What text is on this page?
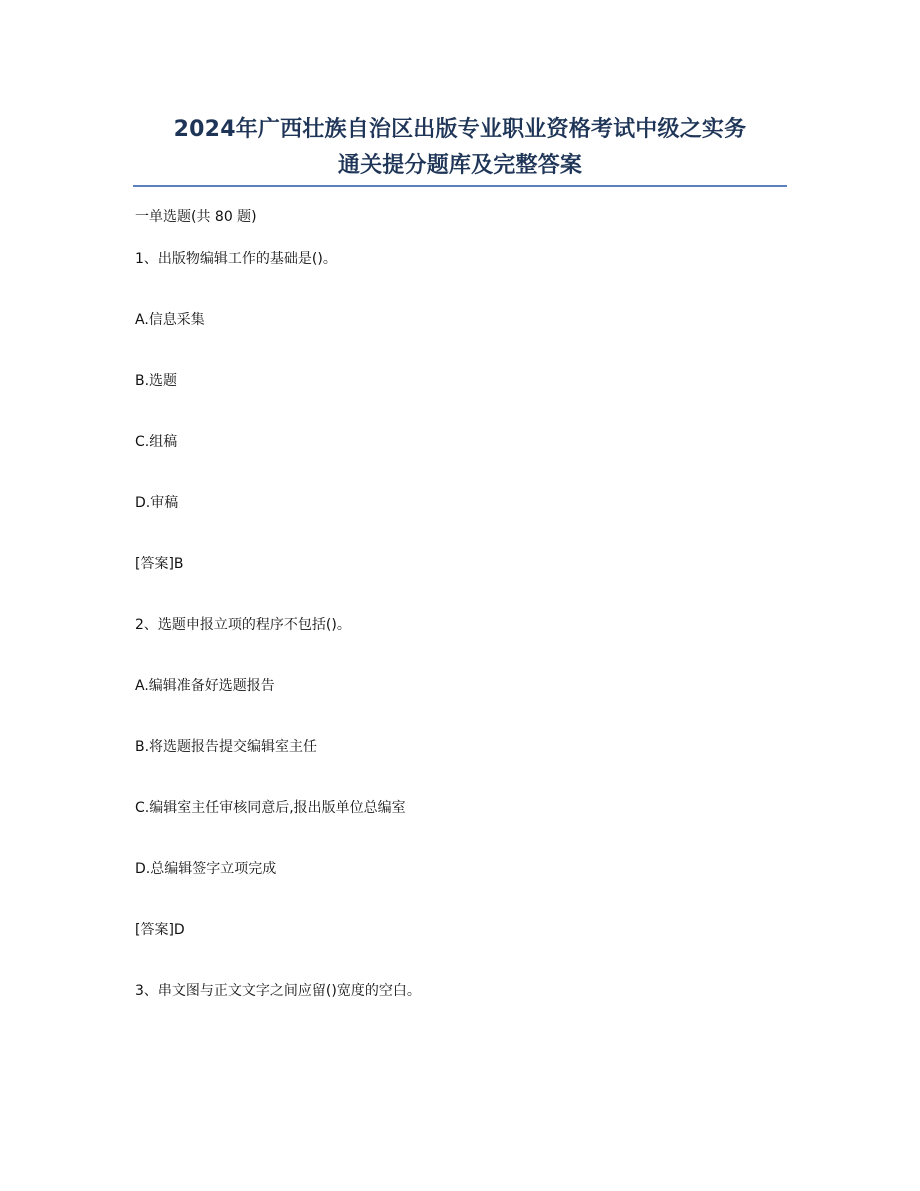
2024年广西壮族自治区出版专业职业资格考试中级之实务
通关提分题库及完整答案
一单选题(共 80 题)
1、出版物编辑工作的基础是()。
A.信息采集
B.选题
C.组稿
D.审稿
[答案]B
2、选题申报立项的程序不包括()。
A.编辑准备好选题报告
B.将选题报告提交编辑室主任
C.编辑室主任审核同意后,报出版单位总编室
D.总编辑签字立项完成
[答案]D
3、串文图与正文文字之间应留()宽度的空白。
